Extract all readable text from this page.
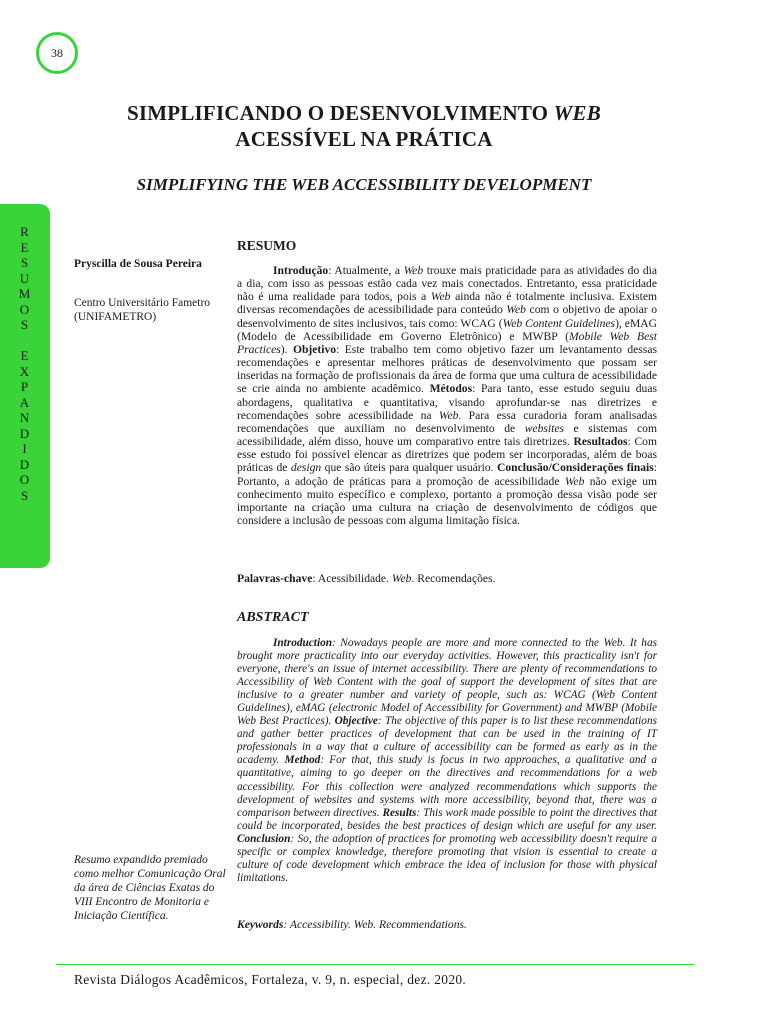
38
SIMPLIFICANDO O DESENVOLVIMENTO WEB
ACESSÍVEL NA PRÁTICA
SIMPLIFYING THE WEB ACCESSIBILITY DEVELOPMENT
R
E
S
U
M
O
S
E
X
P
A
N
D
I
D
O
S
Pryscilla de Sousa Pereira
Centro Universitário Fametro (UNIFAMETRO)
Resumo expandido premiado como melhor Comunicação Oral da área de Ciências Exatas do VIII Encontro de Monitoria e Iniciação Científica.
RESUMO
Introdução: Atualmente, a Web trouxe mais praticidade para as atividades do dia a dia, com isso as pessoas estão cada vez mais conectados. Entretanto, essa praticidade não é uma realidade para todos, pois a Web ainda não é totalmente inclusiva. Existem diversas recomendações de acessibilidade para conteúdo Web com o objetivo de apoiar o desenvolvimento de sites inclusivos, tais como: WCAG (Web Content Guidelines), eMAG (Modelo de Acessibilidade em Governo Eletrônico) e MWBP (Mobile Web Best Practices). Objetivo: Este trabalho tem como objetivo fazer um levantamento dessas recomendações e apresentar melhores práticas de desenvolvimento que possam ser inseridas na formação de profissionais da área de forma que uma cultura de acessibilidade se crie ainda no ambiente acadêmico. Métodos: Para tanto, esse estudo seguiu duas abordagens, qualitativa e quantitativa, visando aprofundar-se nas diretrizes e recomendações sobre acessibilidade na Web. Para essa curadoria foram analisadas recomendações que auxiliam no desenvolvimento de websites e sistemas com acessibilidade, além disso, houve um comparativo entre tais diretrizes. Resultados: Com esse estudo foi possível elencar as diretrizes que podem ser incorporadas, além de boas práticas de design que são úteis para qualquer usuário. Conclusão/Considerações finais: Portanto, a adoção de práticas para a promoção de acessibilidade Web não exige um conhecimento muito específico e complexo, portanto a promoção dessa visão pode ser importante na criação uma cultura na criação de desenvolvimento de códigos que considere a inclusão de pessoas com alguma limitação física.
Palavras-chave: Acessibilidade. Web. Recomendações.
ABSTRACT
Introduction: Nowadays people are more and more connected to the Web. It has brought more practicality into our everyday activities. However, this practicality isn't for everyone, there's an issue of internet accessibility. There are plenty of recommendations to Accessibility of Web Content with the goal of support the development of sites that are inclusive to a greater number and variety of people, such as: WCAG (Web Content Guidelines), eMAG (electronic Model of Accessibility for Government) and MWBP (Mobile Web Best Practices). Objective: The objective of this paper is to list these recommendations and gather better practices of development that can be used in the training of IT professionals in a way that a culture of accessibility can be formed as early as in the academy. Method: For that, this study is focus in two approaches, a qualitative and a quantitative, aiming to go deeper on the directives and recommendations for a web accessibility. For this collection were analyzed recommendations which supports the development of websites and systems with more accessibility, beyond that, there was a comparison between directives. Results: This work made possible to point the directives that could be incorporated, besides the best practices of design which are useful for any user. Conclusion: So, the adoption of practices for promoting web accessibility doesn't require a specific or complex knowledge, therefore promoting that vision is essential to create a culture of code development which embrace the idea of inclusion for those with physical limitations.
Keywords: Accessibility. Web. Recommendations.
Revista Diálogos Acadêmicos, Fortaleza, v. 9, n. especial, dez. 2020.
